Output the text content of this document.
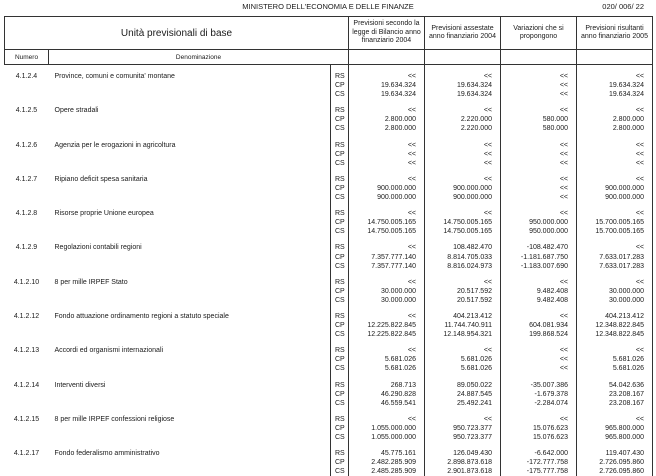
MINISTERO DELL'ECONOMIA E DELLE FINANZE	020/ 006/ 22
Unità previsionali di base			Previsioni secondo la legge di Bilancio anno finanziario 2004	Previsioni assestate anno finanziario 2004	Variazioni che si propongono	Previsioni risultanti anno finanziario 2005
Numero	Denominazione					

4.1.2.4	Province, comuni e comunita' montane	RS	<<	<<	<<	<<
		CP	19.634.324	19.634.324	<<	19.634.324
		CS	19.634.324	19.634.324	<<	19.634.324

4.1.2.5	Opere stradali	RS	<<	<<	<<	<<
		CP	2.800.000	2.220.000	580.000	2.800.000
		CS	2.800.000	2.220.000	580.000	2.800.000

4.1.2.6	Agenzia per le erogazioni in agricoltura	RS	<<	<<	<<	<<
		CP	<<	<<	<<	<<
		CS	<<	<<	<<	<<

4.1.2.7	Ripiano deficit spesa sanitaria	RS	<<	<<	<<	<<
		CP	900.000.000	900.000.000	<<	900.000.000
		CS	900.000.000	900.000.000	<<	900.000.000

4.1.2.8	Risorse proprie Unione europea	RS	<<	<<	<<	<<
		CP	14.750.005.165	14.750.005.165	950.000.000	15.700.005.165
		CS	14.750.005.165	14.750.005.165	950.000.000	15.700.005.165

4.1.2.9	Regolazioni contabili regioni	RS	<<	108.482.470	-108.482.470	<<
		CP	7.357.777.140	8.814.705.033	-1.181.687.750	7.633.017.283
		CS	7.357.777.140	8.816.024.973	-1.183.007.690	7.633.017.283

4.1.2.10	8 per mille IRPEF Stato	RS	<<	<<	<<	<<
		CP	30.000.000	20.517.592	9.482.408	30.000.000
		CS	30.000.000	20.517.592	9.482.408	30.000.000

4.1.2.12	Fondo attuazione ordinamento regioni a statuto speciale	RS	<<	404.213.412	<<	404.213.412
		CP	12.225.822.845	11.744.740.911	604.081.934	12.348.822.845
		CS	12.225.822.845	12.148.954.321	199.868.524	12.348.822.845

4.1.2.13	Accordi ed organismi internazionali	RS	<<	<<	<<	<<
		CP	5.681.026	5.681.026	<<	5.681.026
		CS	5.681.026	5.681.026	<<	5.681.026

4.1.2.14	Interventi diversi	RS	268.713	89.050.022	-35.007.386	54.042.636
		CP	46.290.828	24.887.545	-1.679.378	23.208.167
		CS	46.559.541	25.492.241	-2.284.074	23.208.167

4.1.2.15	8 per mille IRPEF confessioni religiose	RS	<<	<<	<<	<<
		CP	1.055.000.000	950.723.377	15.076.623	965.800.000
		CS	1.055.000.000	950.723.377	15.076.623	965.800.000

4.1.2.17	Fondo federalismo amministrativo	RS	45.775.161	126.049.430	-6.642.000	119.407.430
		CP	2.482.285.909	2.898.873.618	-172.777.758	2.726.095.860
		CS	2.485.285.909	2.901.873.618	-175.777.758	2.726.095.860
